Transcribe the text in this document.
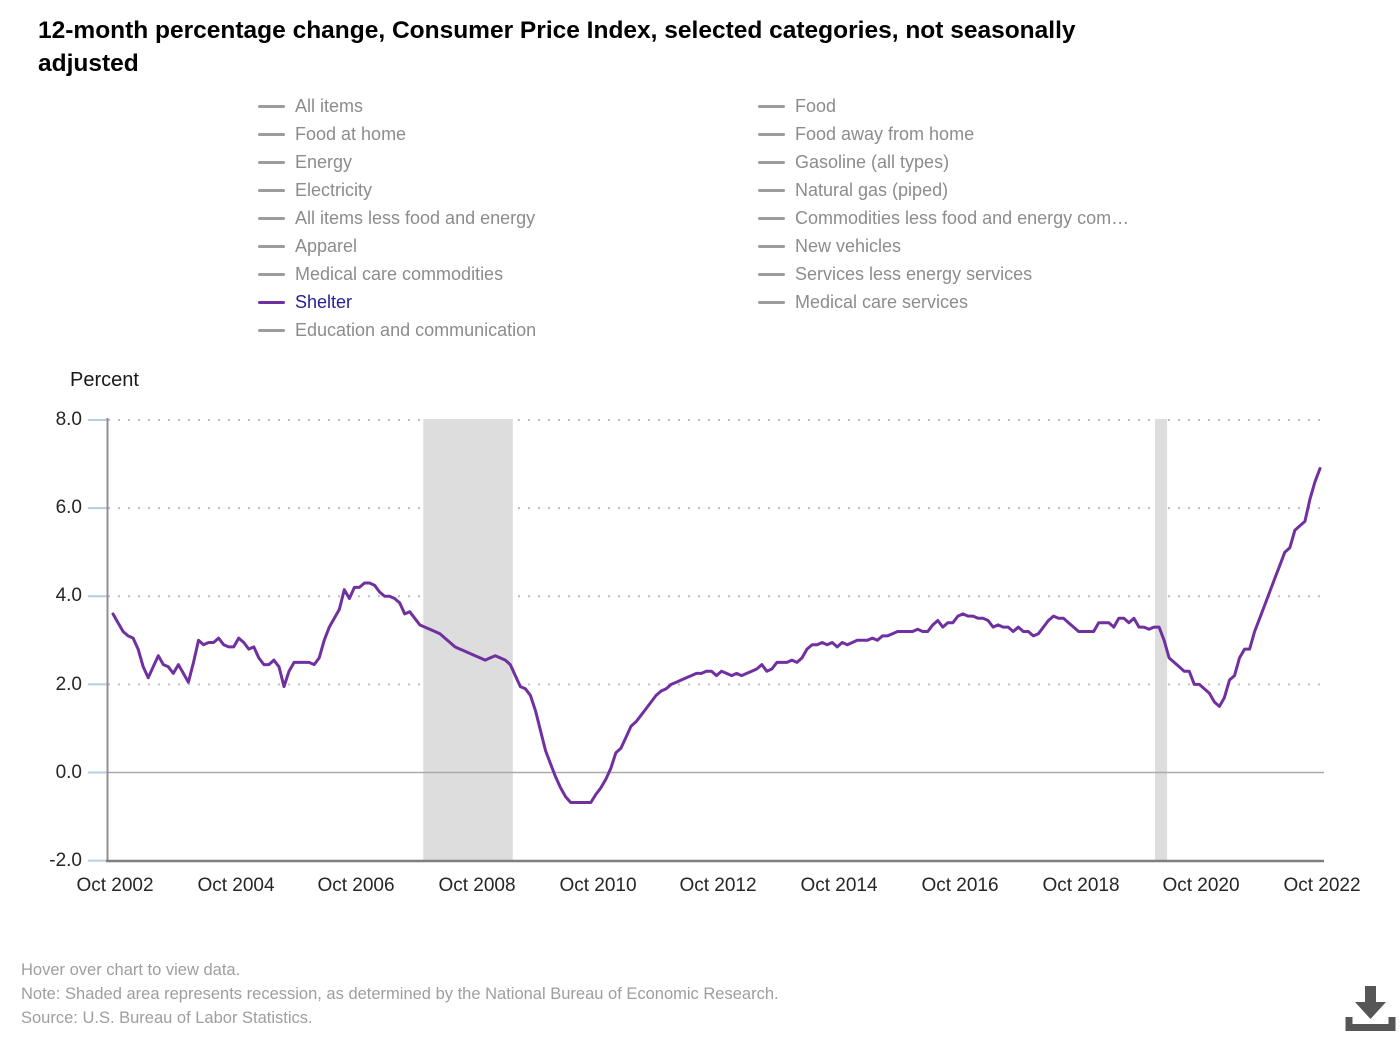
12-month percentage change, Consumer Price Index, selected categories, not seasonally
adjusted
All items
Food at home
Energy
Electricity
All items less food and energy
Apparel
Medical care commodities
Shelter
Education and communication
Food
Food away from home
Gasoline (all types)
Natural gas (piped)
Commodities less food and energy com…
New vehicles
Services less energy services
Medical care services
Percent
8.0
6.0
4.0
2.0
0.0
-2.0
Oct 2002	Oct 2004	Oct 2006	Oct 2008	Oct 2010	Oct 2012	Oct 2014	Oct 2016	Oct 2018	Oct 2020	Oct 2022
Hover over chart to view data.
Note: Shaded area represents recession, as determined by the National Bureau of Economic Research.
Source: U.S. Bureau of Labor Statistics.
